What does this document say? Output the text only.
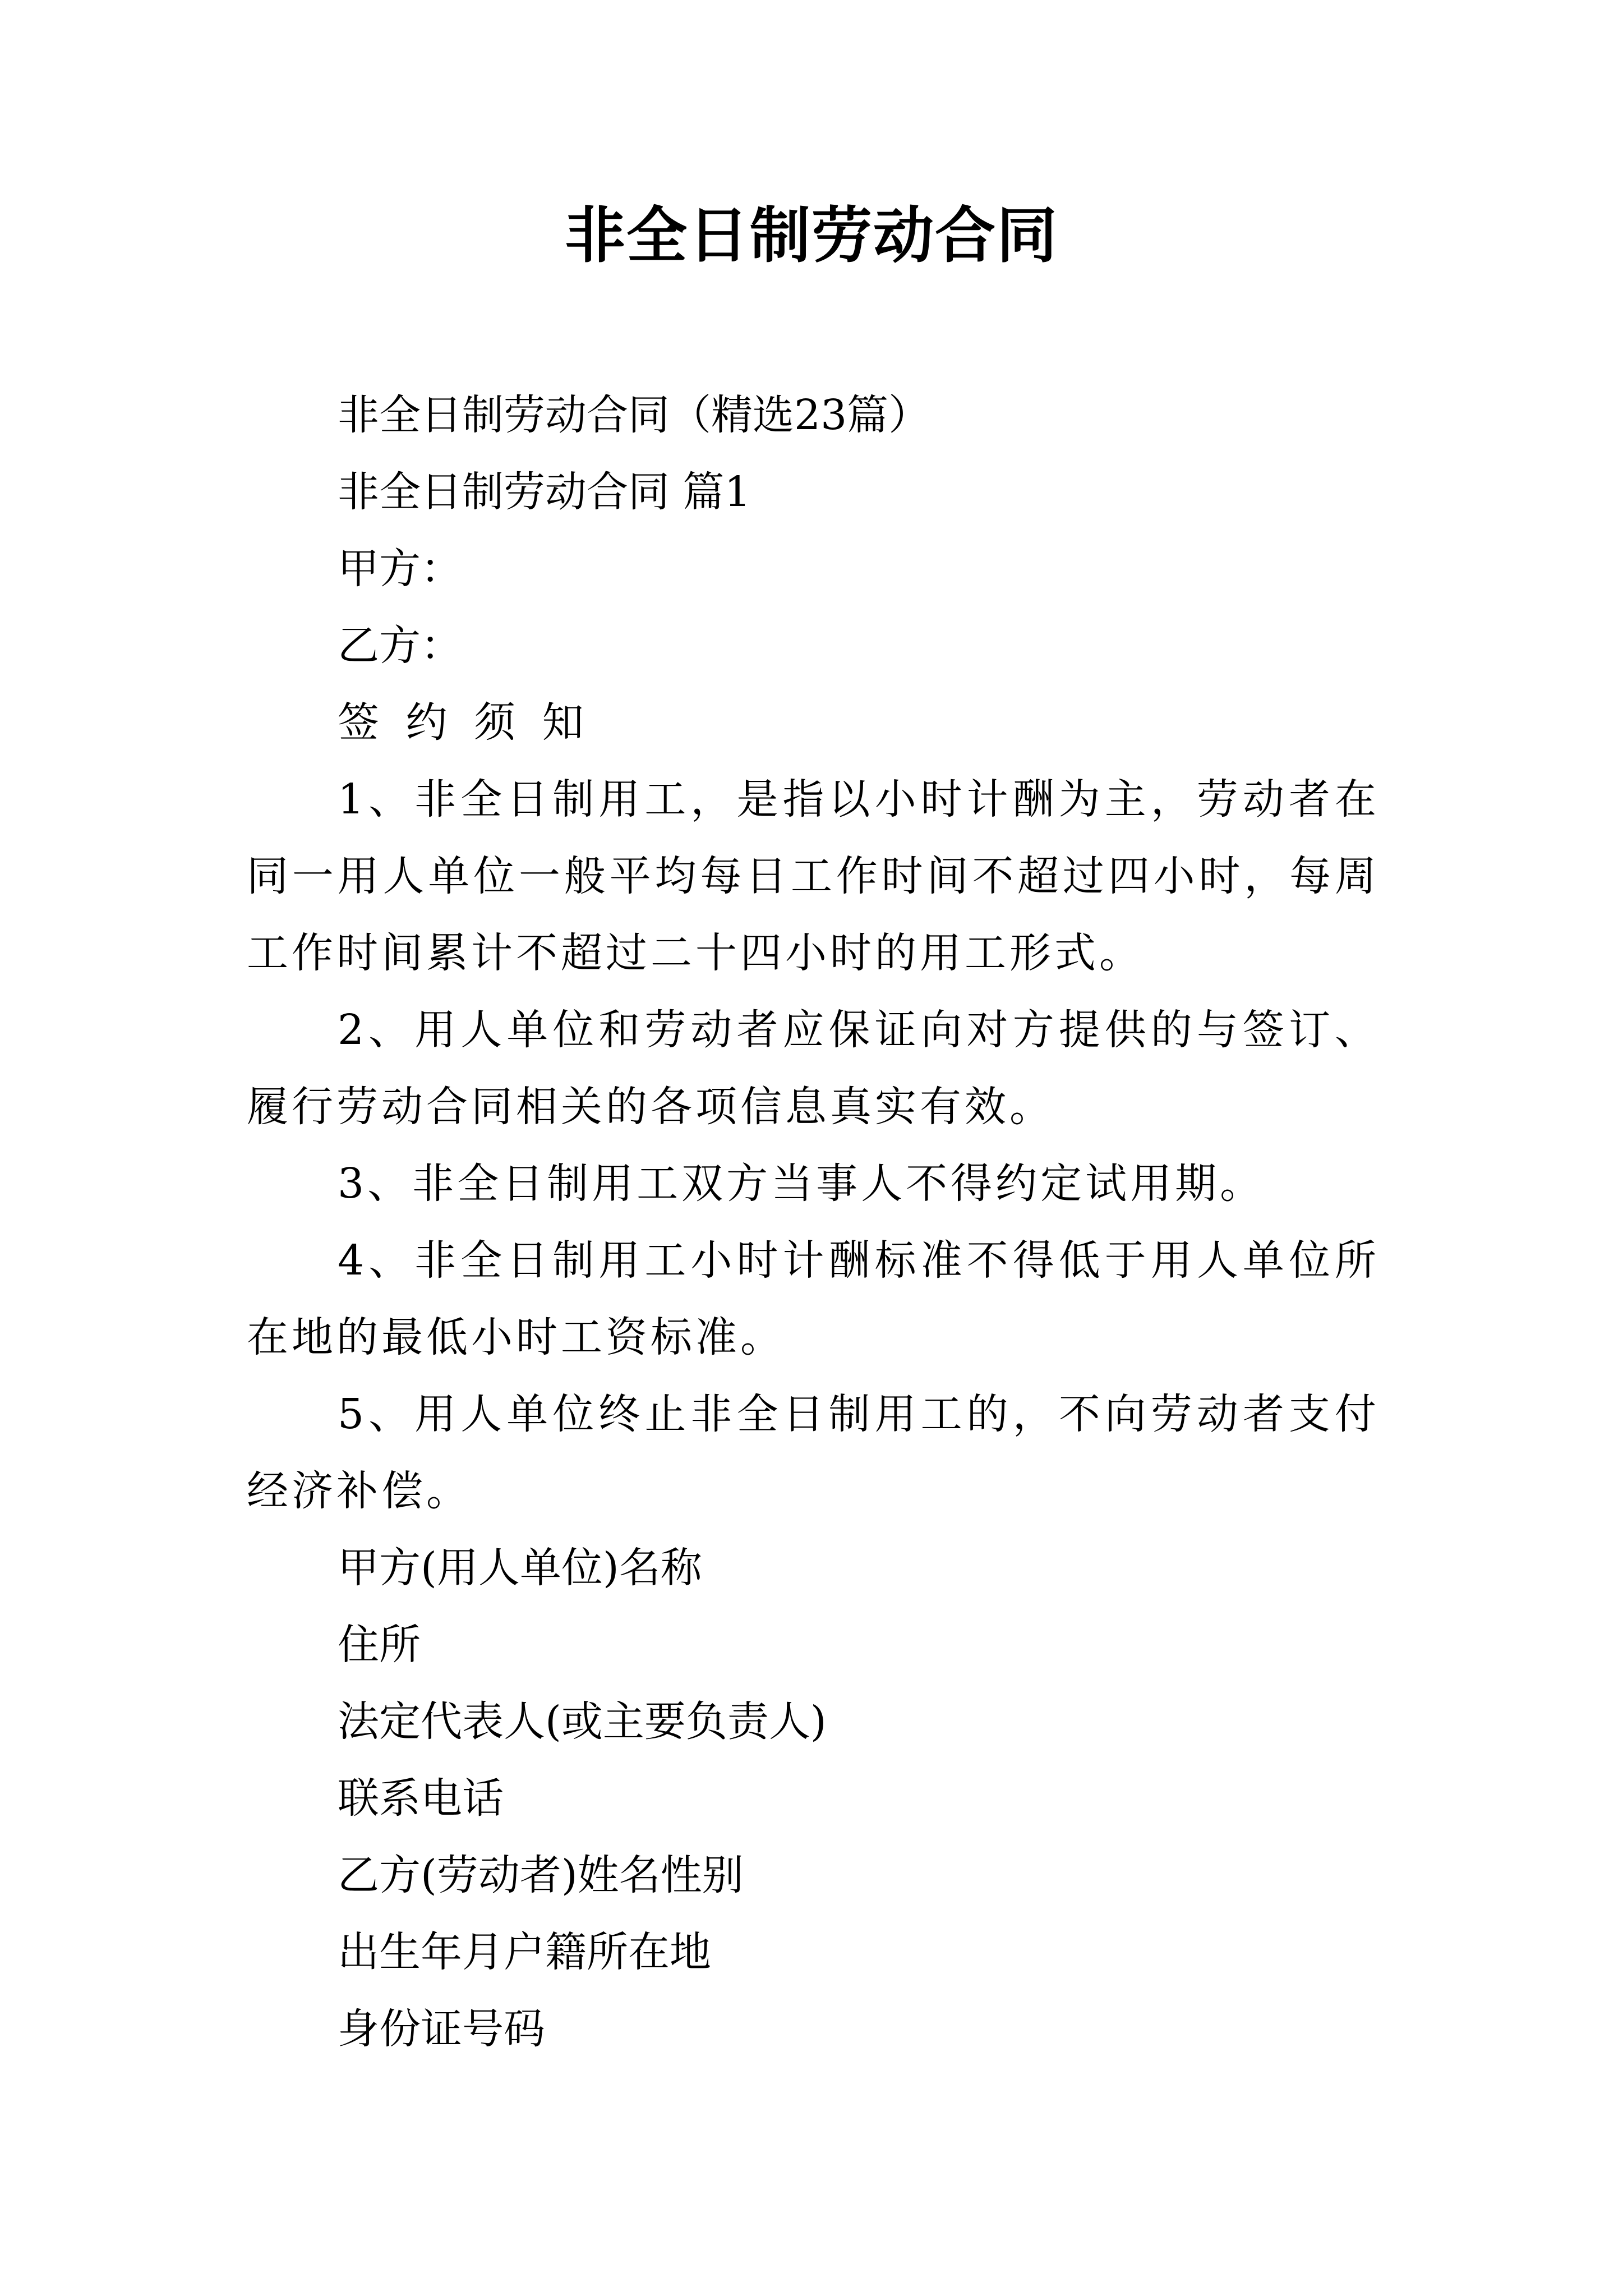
非全日制劳动合同

非全日制劳动合同（精选23篇）

非全日制劳动合同 篇1

甲方：

乙方：

签 约 须 知

1、非全日制用工，是指以小时计酬为主，劳动者在同一用人单位一般平均每日工作时间不超过四小时，每周工作时间累计不超过二十四小时的用工形式。

2、用人单位和劳动者应保证向对方提供的与签订、履行劳动合同相关的各项信息真实有效。

3、非全日制用工双方当事人不得约定试用期。

4、非全日制用工小时计酬标准不得低于用人单位所在地的最低小时工资标准。

5、用人单位终止非全日制用工的，不向劳动者支付经济补偿。

甲方(用人单位)名称

住所

法定代表人(或主要负责人)

联系电话

乙方(劳动者)姓名性别

出生年月户籍所在地

身份证号码
